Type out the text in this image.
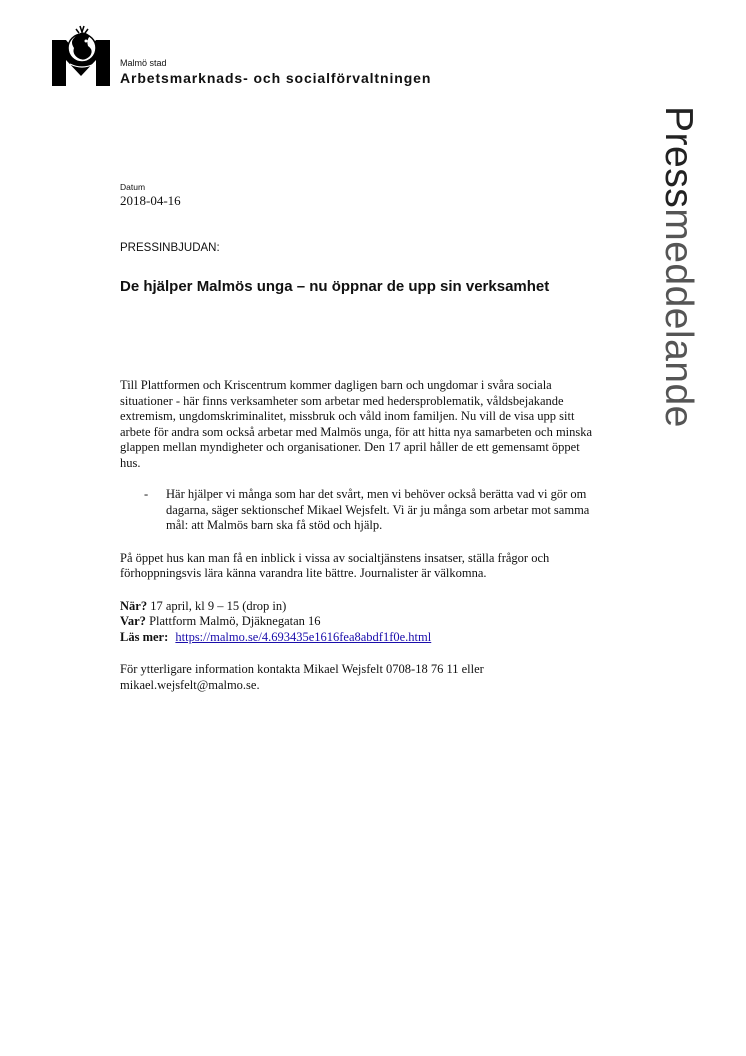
Malmö stad
Arbetsmarknads- och socialförvaltningen
Pressmeddelande
Datum
2018-04-16
PRESSINBJUDAN:
De hjälper Malmös unga – nu öppnar de upp sin verksamhet

Till Plattformen och Kriscentrum kommer dagligen barn och ungdomar i svåra sociala situationer - här finns verksamheter som arbetar med hedersproblematik, våldsbejakande extremism, ungdomskriminalitet, missbruk och våld inom familjen. Nu vill de visa upp sitt arbete för andra som också arbetar med Malmös unga, för att hitta nya samarbeten och minska glappen mellan myndigheter och organisationer. Den 17 april håller de ett gemensamt öppet hus.

- Här hjälper vi många som har det svårt, men vi behöver också berätta vad vi gör om dagarna, säger sektionschef Mikael Wejsfelt. Vi är ju många som arbetar mot samma mål: att Malmös barn ska få stöd och hjälp.

På öppet hus kan man få en inblick i vissa av socialtjänstens insatser, ställa frågor och förhoppningsvis lära känna varandra lite bättre. Journalister är välkomna.

När? 17 april, kl 9 – 15 (drop in)
Var? Plattform Malmö, Djäknegatan 16
Läs mer: https://malmo.se/4.693435e1616fea8abdf1f0e.html

För ytterligare information kontakta Mikael Wejsfelt 0708-18 76 11 eller

mikael.wejsfelt@malmo.se.
